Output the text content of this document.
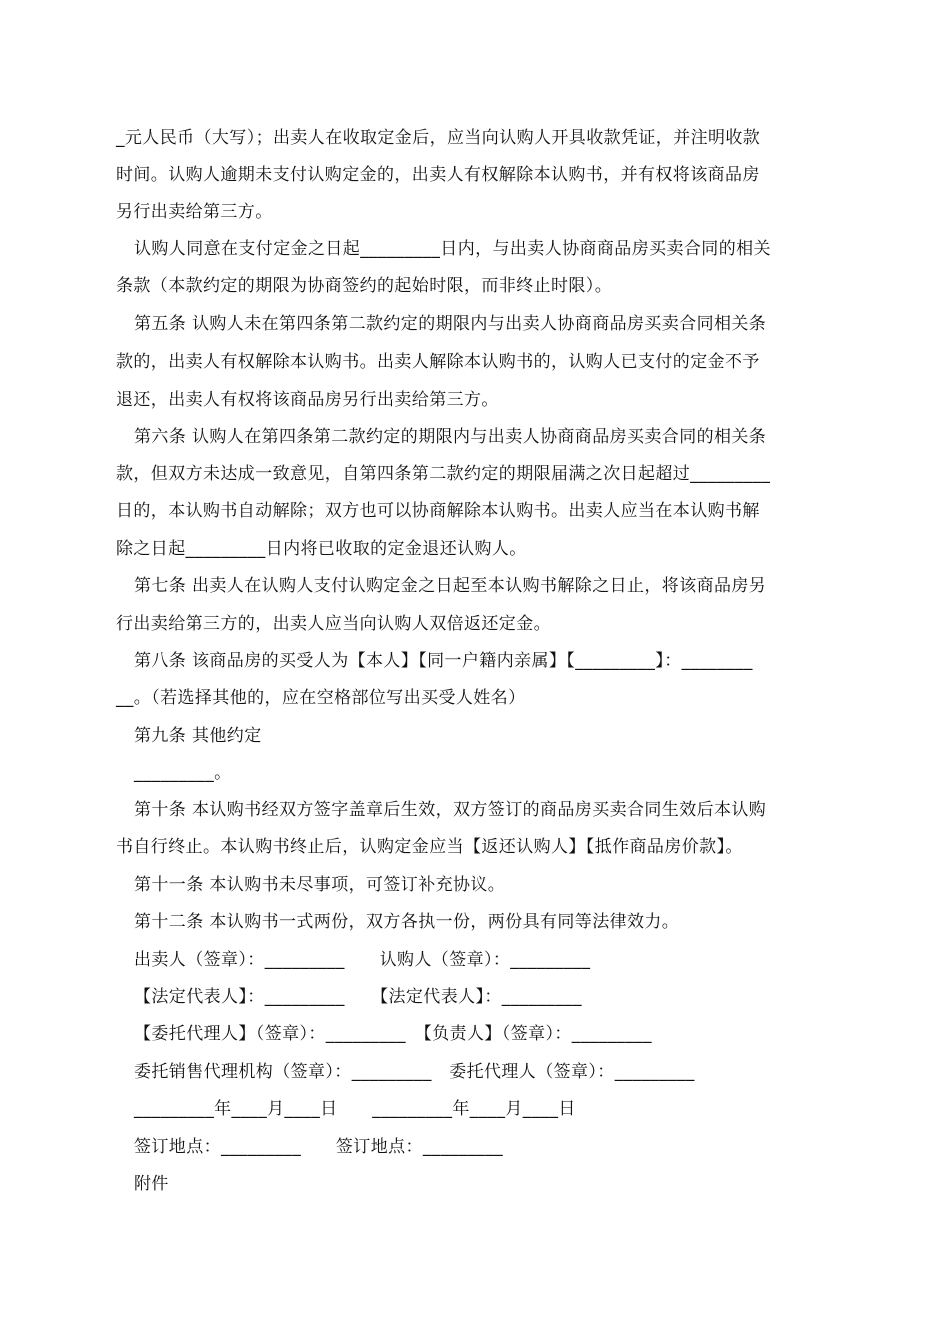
_元人民币（大写）；出卖人在收取定金后，应当向认购人开具收款凭证，并注明收款
时间。认购人逾期未支付认购定金的，出卖人有权解除本认购书，并有权将该商品房
另行出卖给第三方。
认购人同意在支付定金之日起_________日内，与出卖人协商商品房买卖合同的相关
条款（本款约定的期限为协商签约的起始时限，而非终止时限）。
第五条 认购人未在第四条第二款约定的期限内与出卖人协商商品房买卖合同相关条
款的，出卖人有权解除本认购书。出卖人解除本认购书的，认购人已支付的定金不予
退还，出卖人有权将该商品房另行出卖给第三方。
第六条 认购人在第四条第二款约定的期限内与出卖人协商商品房买卖合同的相关条
款，但双方未达成一致意见，自第四条第二款约定的期限届满之次日起超过_________
日的，本认购书自动解除；双方也可以协商解除本认购书。出卖人应当在本认购书解
除之日起_________日内将已收取的定金退还认购人。
第七条 出卖人在认购人支付认购定金之日起至本认购书解除之日止，将该商品房另
行出卖给第三方的，出卖人应当向认购人双倍返还定金。
第八条 该商品房的买受人为【本人】【同一户籍内亲属】【_________】：________
__。（若选择其他的，应在空格部位写出买受人姓名）
第九条 其他约定
_________。
第十条 本认购书经双方签字盖章后生效，双方签订的商品房买卖合同生效后本认购
书自行终止。本认购书终止后，认购定金应当【返还认购人】【抵作商品房价款】。
第十一条 本认购书未尽事项，可签订补充协议。
第十二条 本认购书一式两份，双方各执一份，两份具有同等法律效力。
出卖人（签章）：_________　　认购人（签章）：_________
【法定代表人】：_________　　【法定代表人】：_________
【委托代理人】（签章）：_________　【负责人】（签章）：_________
委托销售代理机构（签章）：_________　委托代理人（签章）：_________
_________年____月____日　　_________年____月____日
签订地点：_________　　签订地点：_________
附件
